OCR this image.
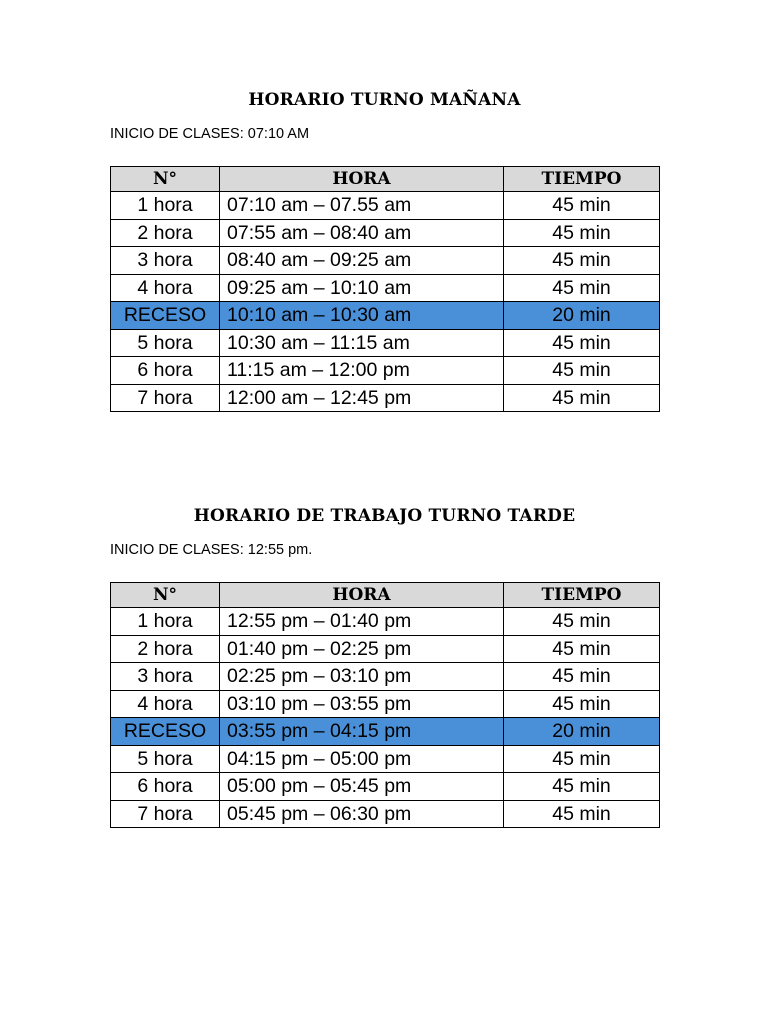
HORARIO TURNO MAÑANA

INICIO DE CLASES: 07:10 AM

N°	HORA	TIEMPO
1 hora	07:10 am – 07.55 am	45 min
2 hora	07:55 am – 08:40 am	45 min
3 hora	08:40 am – 09:25 am	45 min
4 hora	09:25 am – 10:10 am	45 min
RECESO	10:10 am – 10:30 am	20 min
5 hora	10:30 am – 11:15 am	45 min
6 hora	11:15 am – 12:00 pm	45 min
7 hora	12:00 am – 12:45 pm	45 min
HORARIO DE TRABAJO TURNO TARDE

INICIO DE CLASES: 12:55 pm.

N°	HORA	TIEMPO
1 hora	12:55 pm – 01:40 pm	45 min
2 hora	01:40 pm – 02:25 pm	45 min
3 hora	02:25 pm – 03:10 pm	45 min
4 hora	03:10 pm – 03:55 pm	45 min
RECESO	03:55 pm – 04:15 pm	20 min
5 hora	04:15 pm – 05:00 pm	45 min
6 hora	05:00 pm – 05:45 pm	45 min
7 hora	05:45 pm – 06:30 pm	45 min
